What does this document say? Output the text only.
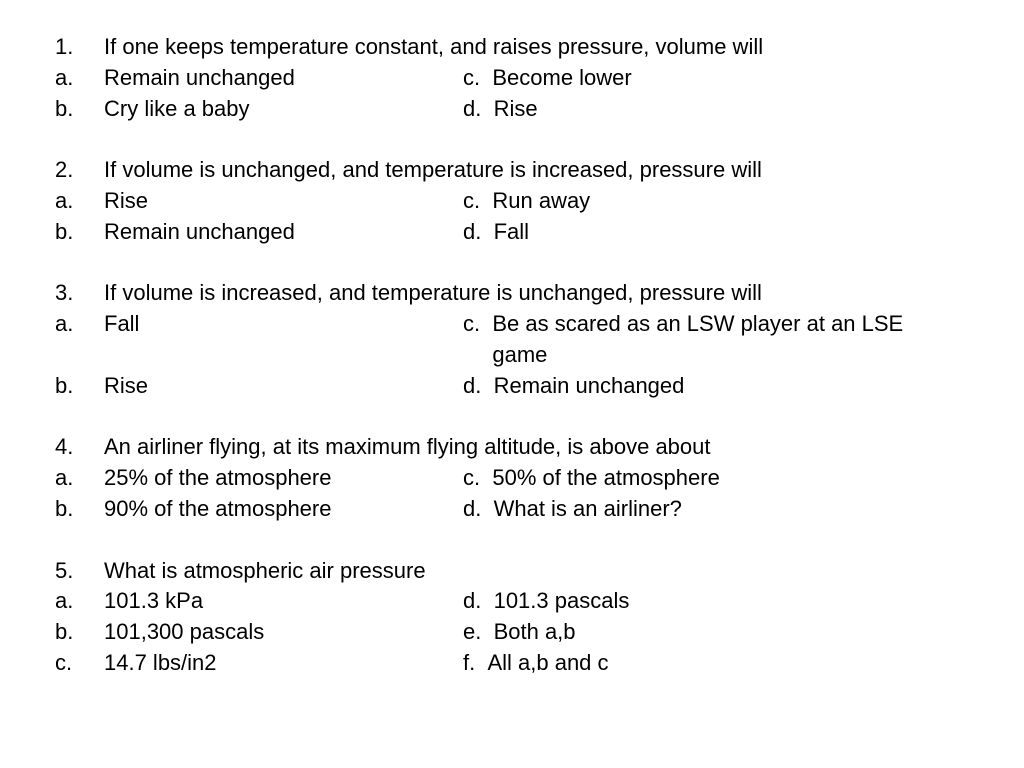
1.	If one keeps temperature constant, and raises pressure, volume will
a.	Remain unchanged	c. Become lower
b.	Cry like a baby	d. Rise
2.	If volume is unchanged, and temperature is increased, pressure will
a.	Rise	c. Run away
b.	Remain unchanged	d. Fall
3.	If volume is increased, and temperature is unchanged, pressure will
a.	Fall	c. Be as scared as an LSW player at an LSE game
b.	Rise	d. Remain unchanged
4.	An airliner flying, at its maximum flying altitude, is above about
a.	25% of the atmosphere	c. 50% of the atmosphere
b.	90% of the atmosphere	d. What is an airliner?
5.	What is atmospheric air pressure
a.	101.3 kPa	d. 101.3 pascals
b.	101,300 pascals	e. Both a,b
c.	14.7 lbs/in2	f. All a,b and c
